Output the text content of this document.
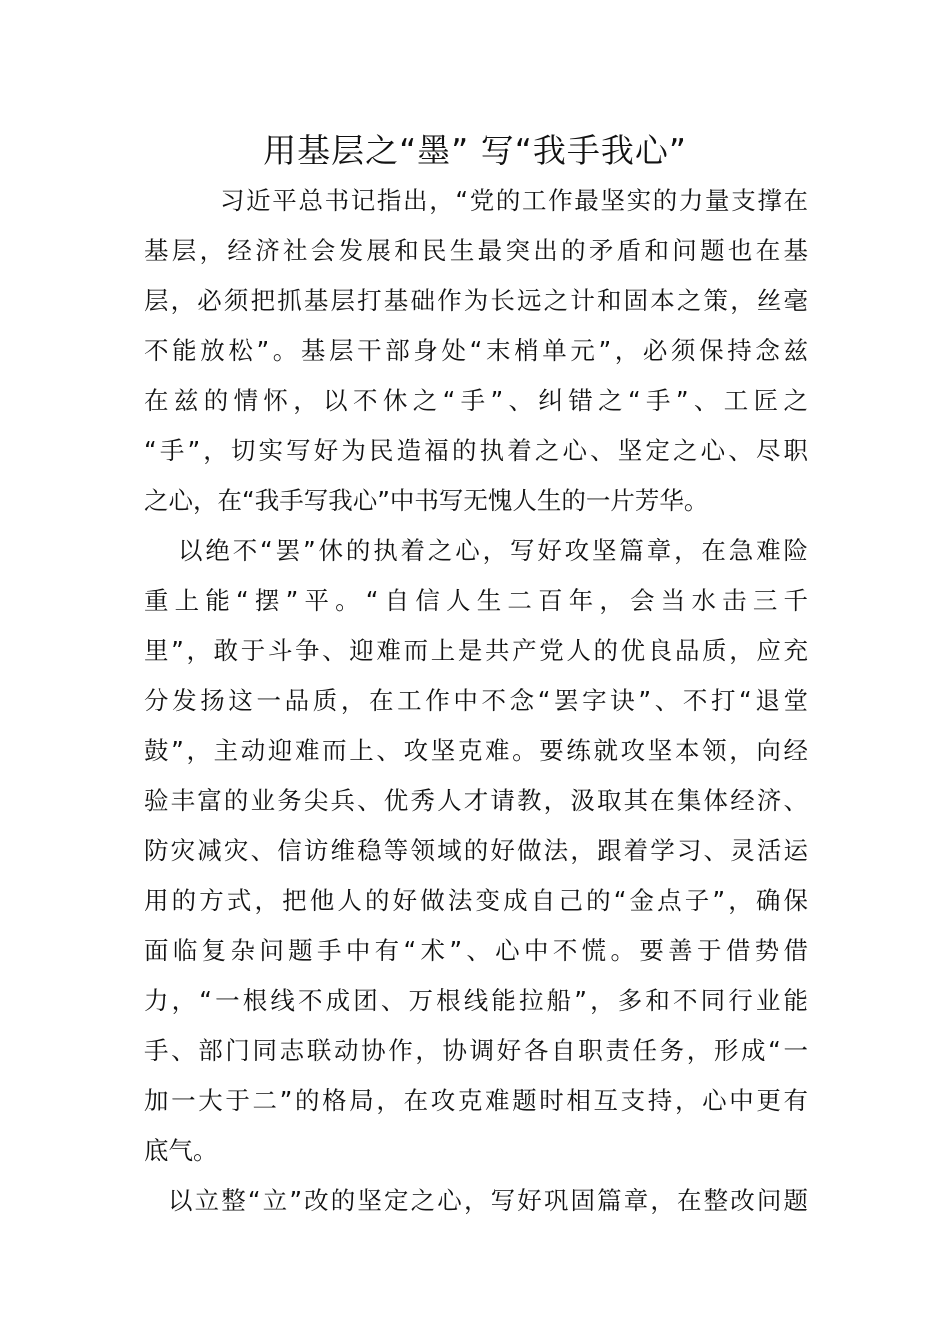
用基层之“墨” 写“我手我心”
习近平总书记指出，“党的工作最坚实的力量支撑在
基层，经济社会发展和民生最突出的矛盾和问题也在基
层，必须把抓基层打基础作为长远之计和固本之策，丝毫
不能放松”。基层干部身处“末梢单元”，必须保持念兹
在兹的情怀，以不休之“手”、纠错之“手”、工匠之
“手”，切实写好为民造福的执着之心、坚定之心、尽职
之心，在“我手写我心”中书写无愧人生的一片芳华。
以绝不“罢”休的执着之心，写好攻坚篇章，在急难险
重上能“摆”平。“自信人生二百年，会当水击三千
里”，敢于斗争、迎难而上是共产党人的优良品质，应充
分发扬这一品质，在工作中不念“罢字诀”、不打“退堂
鼓”，主动迎难而上、攻坚克难。要练就攻坚本领，向经
验丰富的业务尖兵、优秀人才请教，汲取其在集体经济、
防灾减灾、信访维稳等领域的好做法，跟着学习、灵活运
用的方式，把他人的好做法变成自己的“金点子”，确保
面临复杂问题手中有“术”、心中不慌。要善于借势借
力，“一根线不成团、万根线能拉船”，多和不同行业能
手、部门同志联动协作，协调好各自职责任务，形成“一
加一大于二”的格局，在攻克难题时相互支持，心中更有
底气。
以立整“立”改的坚定之心，写好巩固篇章，在整改问题
